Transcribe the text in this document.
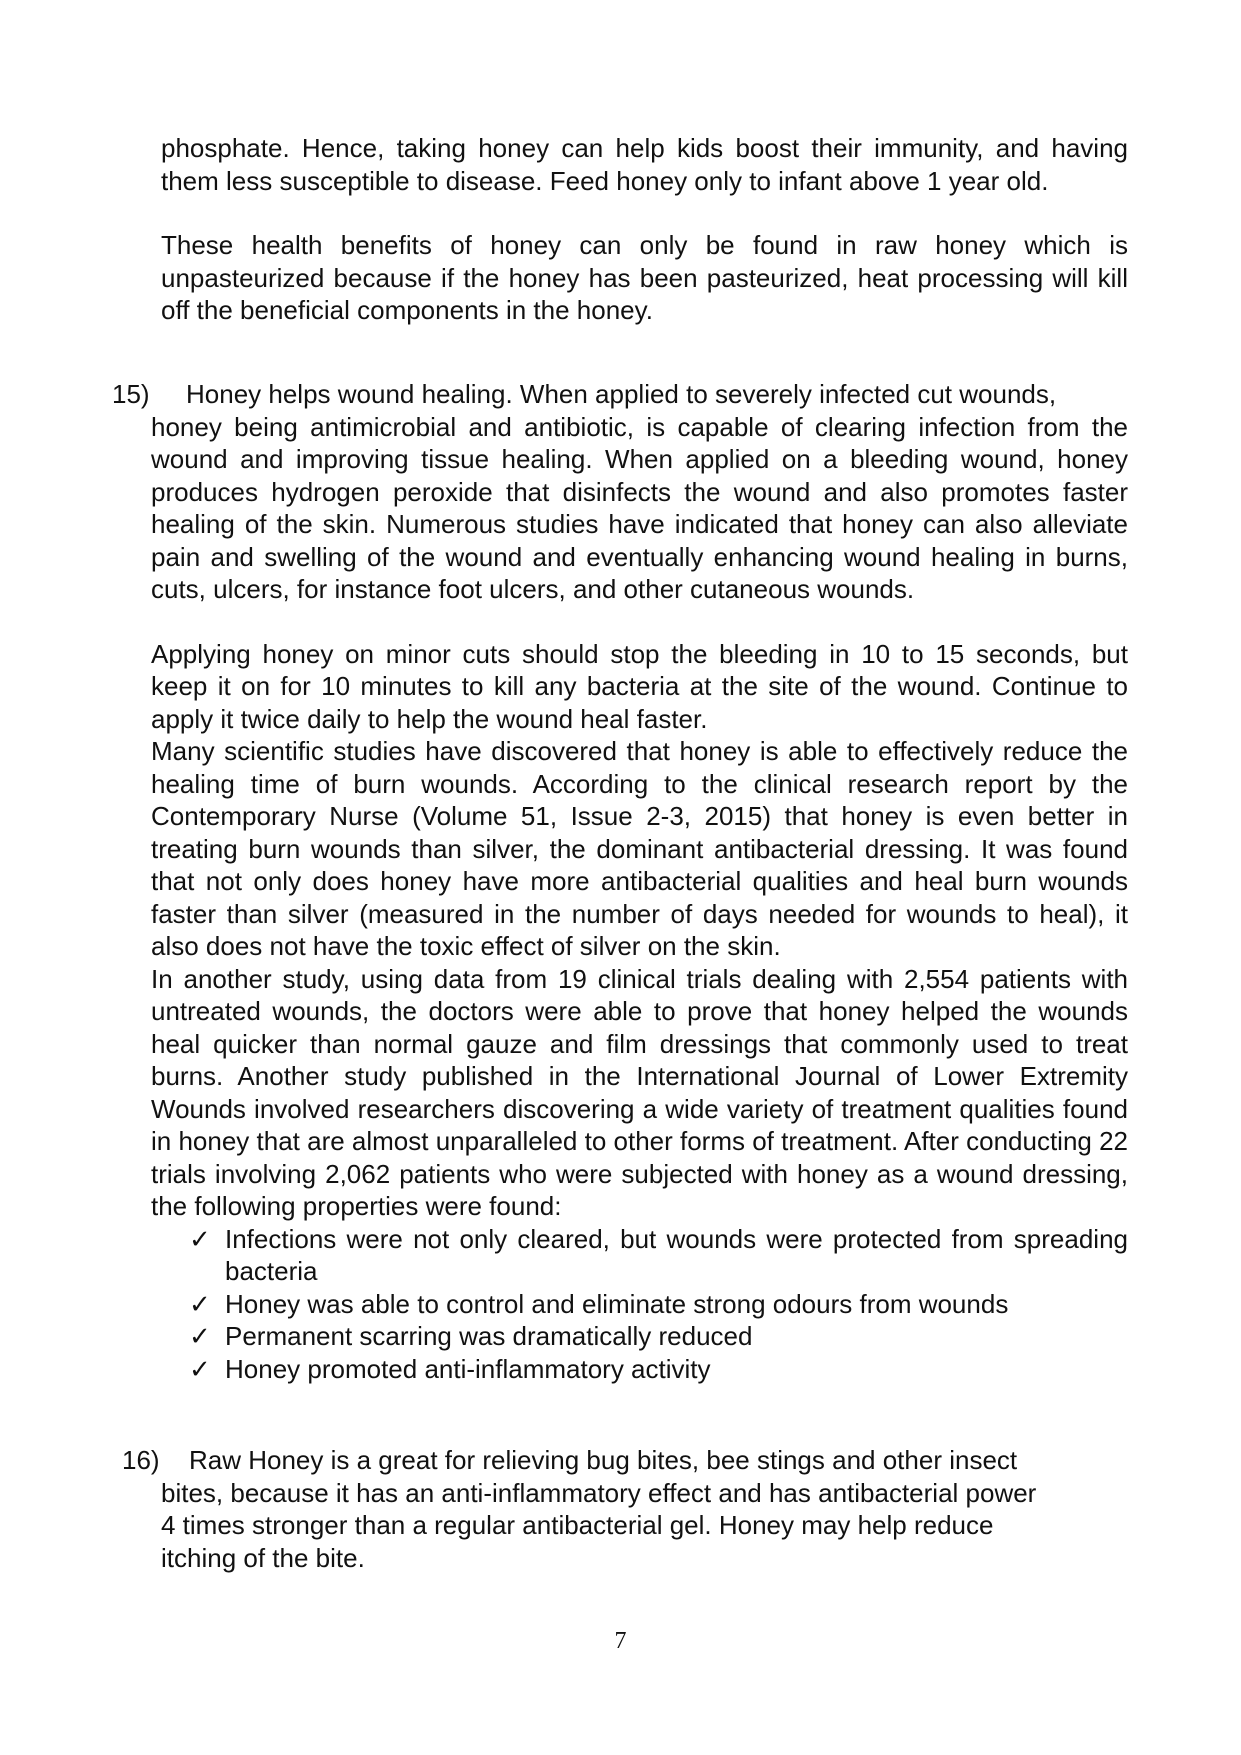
phosphate. Hence, taking honey can help kids boost their immunity, and having them less susceptible to disease. Feed honey only to infant above 1 year old.

These health benefits of honey can only be found in raw honey which is unpasteurized because if the honey has been pasteurized, heat processing will kill off the beneficial components in the honey.

15) Honey helps wound healing. When applied to severely infected cut wounds,

honey being antimicrobial and antibiotic, is capable of clearing infection from the wound and improving tissue healing. When applied on a bleeding wound, honey produces hydrogen peroxide that disinfects the wound and also promotes faster healing of the skin. Numerous studies have indicated that honey can also alleviate pain and swelling of the wound and eventually enhancing wound healing in burns, cuts, ulcers, for instance foot ulcers, and other cutaneous wounds.

Applying honey on minor cuts should stop the bleeding in 10 to 15 seconds, but keep it on for 10 minutes to kill any bacteria at the site of the wound. Continue to apply it twice daily to help the wound heal faster.

Many scientific studies have discovered that honey is able to effectively reduce the healing time of burn wounds. According to the clinical research report by the Contemporary Nurse (Volume 51, Issue 2-3, 2015) that honey is even better in treating burn wounds than silver, the dominant antibacterial dressing. It was found that not only does honey have more antibacterial qualities and heal burn wounds faster than silver (measured in the number of days needed for wounds to heal), it also does not have the toxic effect of silver on the skin.

In another study, using data from 19 clinical trials dealing with 2,554 patients with untreated wounds, the doctors were able to prove that honey helped the wounds heal quicker than normal gauze and film dressings that commonly used to treat burns. Another study published in the International Journal of Lower Extremity Wounds involved researchers discovering a wide variety of treatment qualities found in honey that are almost unparalleled to other forms of treatment. After conducting 22 trials involving 2,062 patients who were subjected with honey as a wound dressing, the following properties were found:

✓ Infections were not only cleared, but wounds were protected from spreading bacteria
✓ Honey was able to control and eliminate strong odours from wounds
✓ Permanent scarring was dramatically reduced
✓ Honey promoted anti-inflammatory activity
16) Raw Honey is a great for relieving bug bites, bee stings and other insect
bites, because it has an anti-inflammatory effect and has antibacterial power
4 times stronger than a regular antibacterial gel. Honey may help reduce
itching of the bite.
7
